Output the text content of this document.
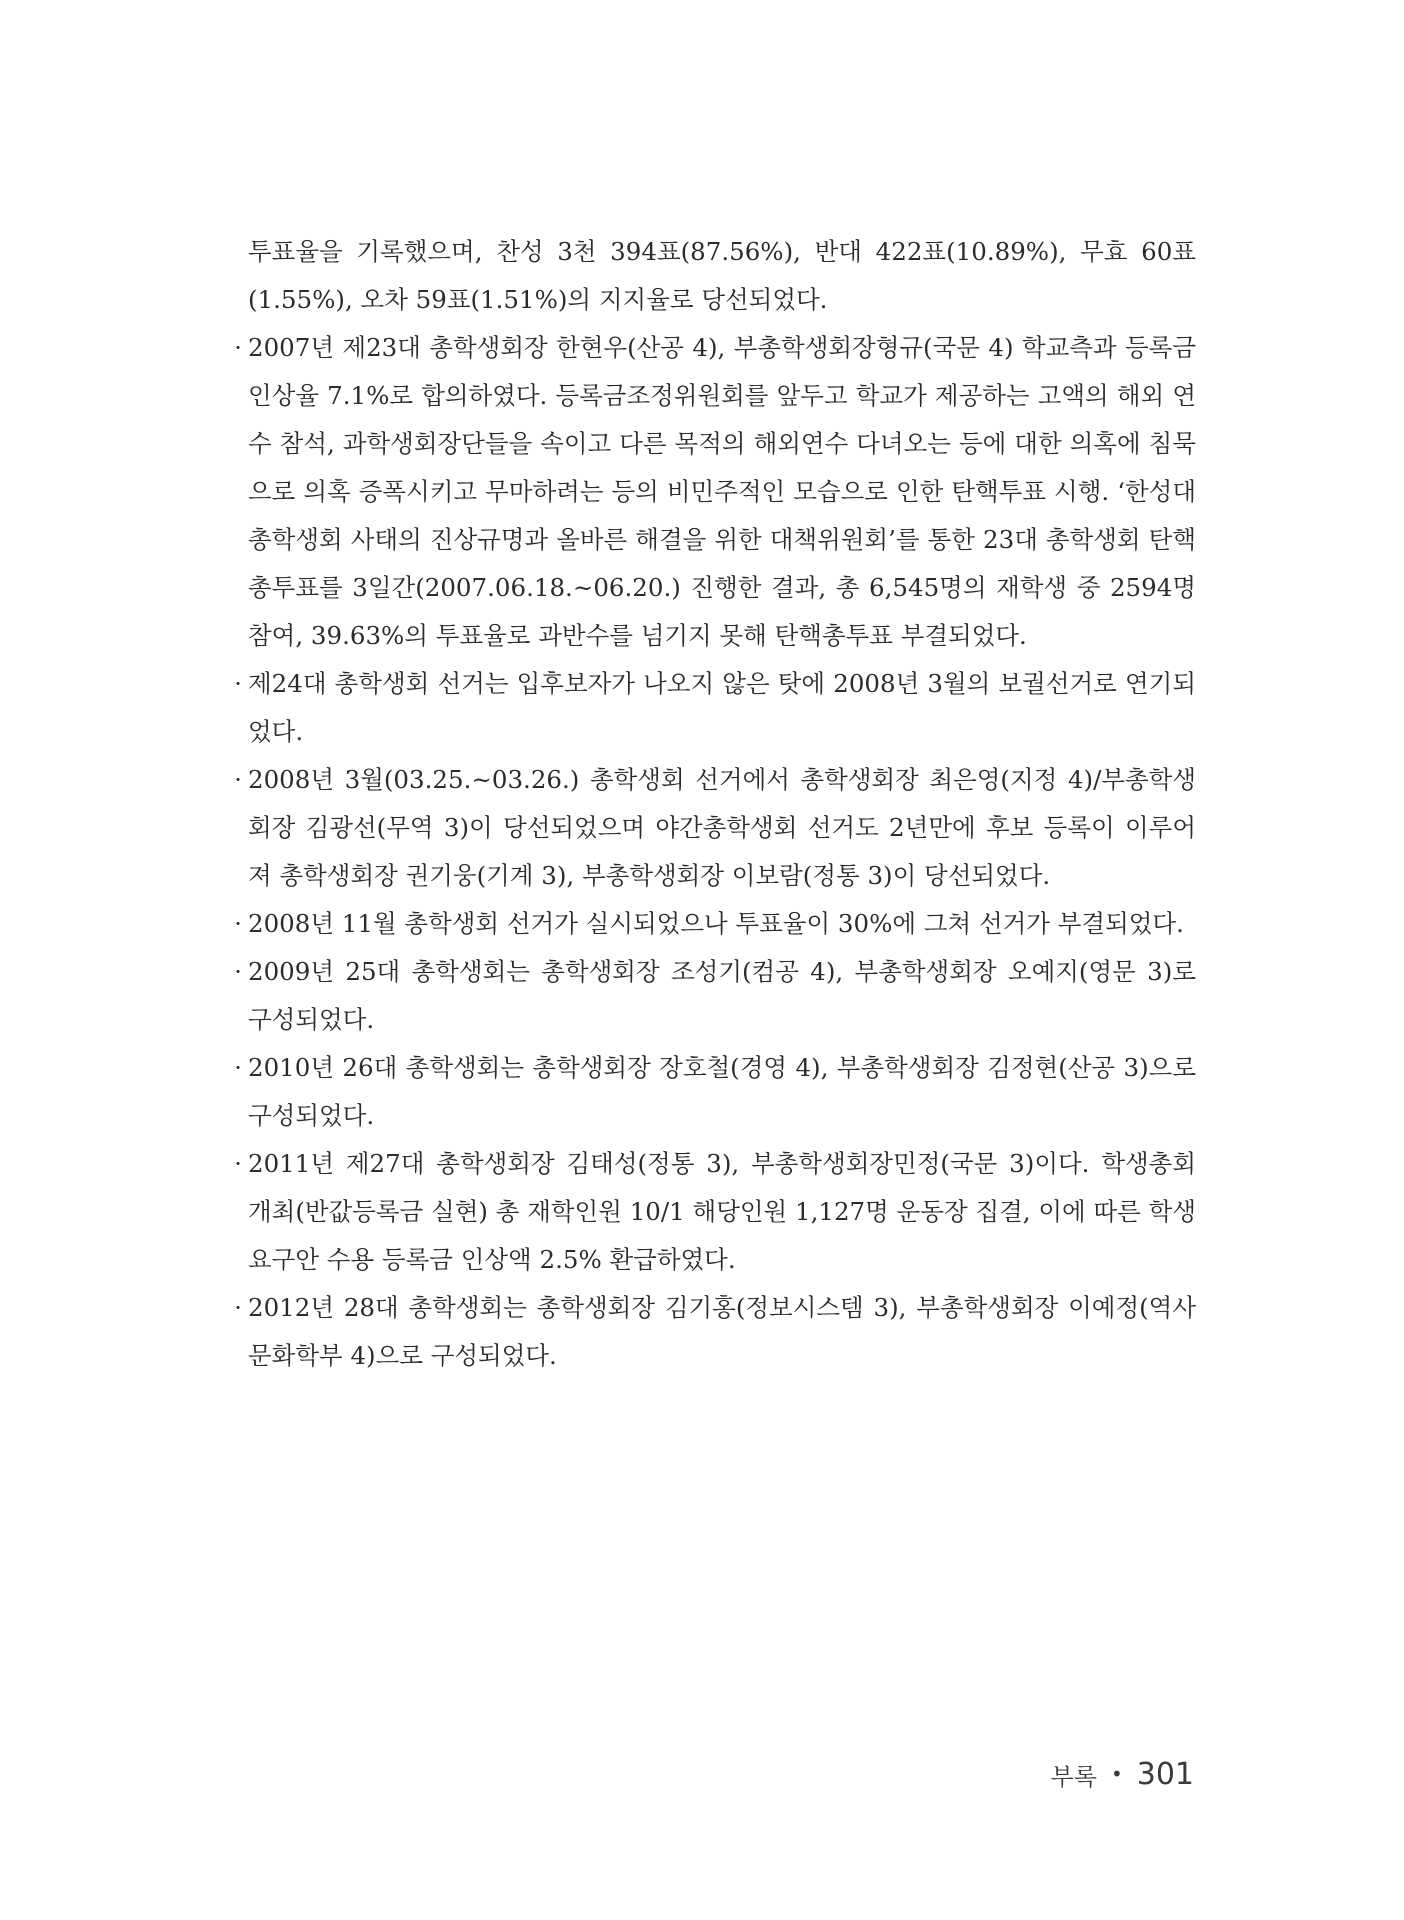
투표율을 기록했으며, 찬성 3천 394표(87.56%), 반대 422표(10.89%), 무효 60표(1.55%), 오차 59표(1.51%)의 지지율로 당선되었다.

· 2007년 제23대 총학생회장 한현우(산공 4), 부총학생회장형규(국문 4) 학교측과 등록금 인상율 7.1%로 합의하였다. 등록금조정위원회를 앞두고 학교가 제공하는 고액의 해외 연수 참석, 과학생회장단들을 속이고 다른 목적의 해외연수 다녀오는 등에 대한 의혹에 침묵으로 의혹 증폭시키고 무마하려는 등의 비민주적인 모습으로 인한 탄핵투표 시행. ‘한성대 총학생회 사태의 진상규명과 올바른 해결을 위한 대책위원회’를 통한 23대 총학생회 탄핵총투표를 3일간(2007.06.18.~06.20.) 진행한 결과, 총 6,545명의 재학생 중 2594명 참여, 39.63%의 투표율로 과반수를 넘기지 못해 탄핵총투표 부결되었다.

· 제24대 총학생회 선거는 입후보자가 나오지 않은 탓에 2008년 3월의 보궐선거로 연기되었다.

· 2008년 3월(03.25.~03.26.) 총학생회 선거에서 총학생회장 최은영(지정 4)/부총학생회장 김광선(무역 3)이 당선되었으며 야간총학생회 선거도 2년만에 후보 등록이 이루어져 총학생회장 권기웅(기계 3), 부총학생회장 이보람(정통 3)이 당선되었다.

· 2008년 11월 총학생회 선거가 실시되었으나 투표율이 30%에 그쳐 선거가 부결되었다.

· 2009년 25대 총학생회는 총학생회장 조성기(컴공 4), 부총학생회장 오예지(영문 3)로 구성되었다.

· 2010년 26대 총학생회는 총학생회장 장호철(경영 4), 부총학생회장 김정현(산공 3)으로 구성되었다.

· 2011년 제27대 총학생회장 김태성(정통 3), 부총학생회장민정(국문 3)이다. 학생총회 개최(반값등록금 실현) 총 재학인원 10/1 해당인원 1,127명 운동장 집결, 이에 따른 학생 요구안 수용 등록금 인상액 2.5% 환급하였다.

· 2012년 28대 총학생회는 총학생회장 김기홍(정보시스템 3), 부총학생회장 이예정(역사문화학부 4)으로 구성되었다.

부록 • 301
